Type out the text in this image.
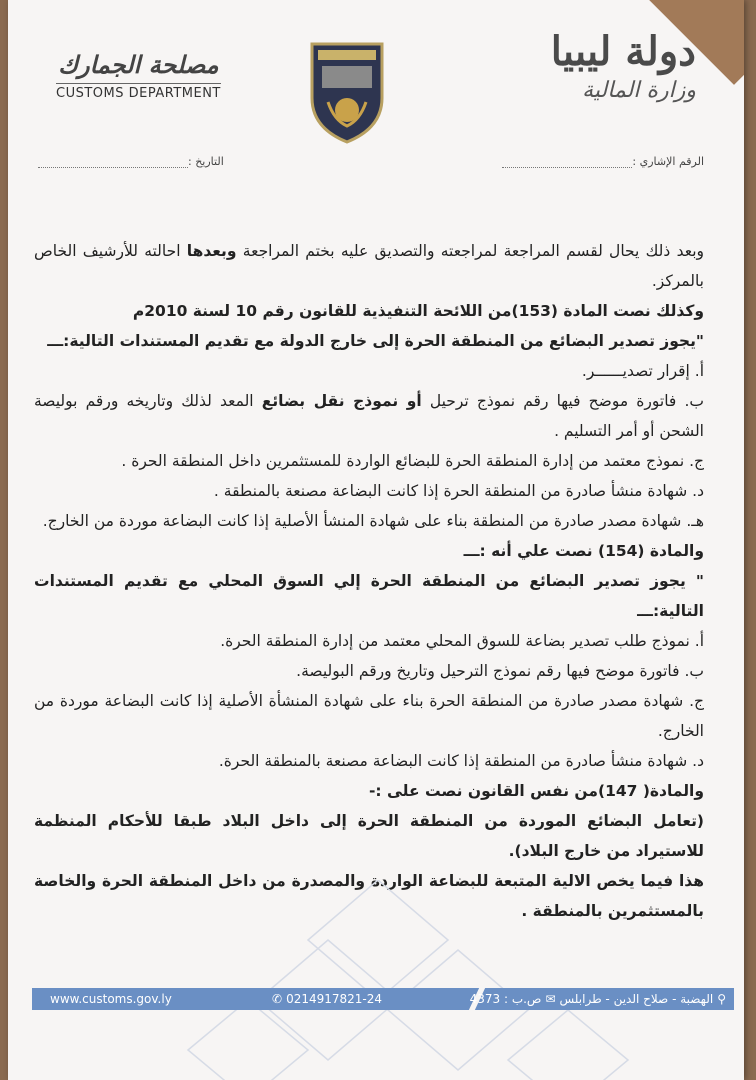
دولة ليبيا
وزارة المالية
مصلحة الجمارك
CUSTOMS DEPARTMENT
الرقم الإشاري :
التاريخ :

وبعد ذلك يحال لقسم المراجعة لمراجعته والتصديق عليه بختم المراجعة وبعدها احالته للأرشيف الخاص بالمركز.

وكذلك نصت المادة (153)من اللائحة التنفيذية للقانون رقم 10 لسنة 2010م

"يجوز تصدير البضائع من المنطقة الحرة إلى خارج الدولة مع تقديم المستندات التالية:ـــ

أ. إقرار تصديــــــر.

ب. فاتورة موضح فيها رقم نموذج ترحيل أو نموذج نقل بضائع المعد لذلك وتاريخه ورقم بوليصة الشحن أو أمر التسليم .

ج. نموذج معتمد من إدارة المنطقة الحرة للبضائع الواردة للمستثمرين داخل المنطقة الحرة .

د. شهادة منشأ صادرة من المنطقة الحرة إذا كانت البضاعة مصنعة بالمنطقة .

هـ. شهادة مصدر صادرة من المنطقة بناء على شهادة المنشأ الأصلية إذا كانت البضاعة موردة من الخارج.

والمادة (154) نصت علي أنه :ـــ

" يجوز تصدير البضائع من المنطقة الحرة إلي السوق المحلي مع تقديم المستندات التالية:ـــ

أ. نموذج طلب تصدير بضاعة للسوق المحلي معتمد من إدارة المنطقة الحرة.

ب. فاتورة موضح فيها رقم نموذج الترحيل وتاريخ ورقم البوليصة.

ج. شهادة مصدر صادرة من المنطقة الحرة بناء على شهادة المنشأة الأصلية إذا كانت البضاعة موردة من الخارج.

د. شهادة منشأ صادرة من المنطقة إذا كانت البضاعة مصنعة بالمنطقة الحرة.

والمادة( 147)من نفس القانون نصت على :-

(تعامل البضائع الموردة من المنطقة الحرة إلى داخل البلاد طبقا للأحكام المنظمة للاستيراد من خارج البلاد).

هذا فيما يخص الالية المتبعة للبضاعة الواردة والمصدرة من داخل المنطقة الحرة والخاصة بالمستثمرين بالمنطقة .

www.customs.gov.ly	✆ 0214917821-24	⚲
الهضبة - صلاح الدين - طرابلس
✉
ص.ب : 4373
